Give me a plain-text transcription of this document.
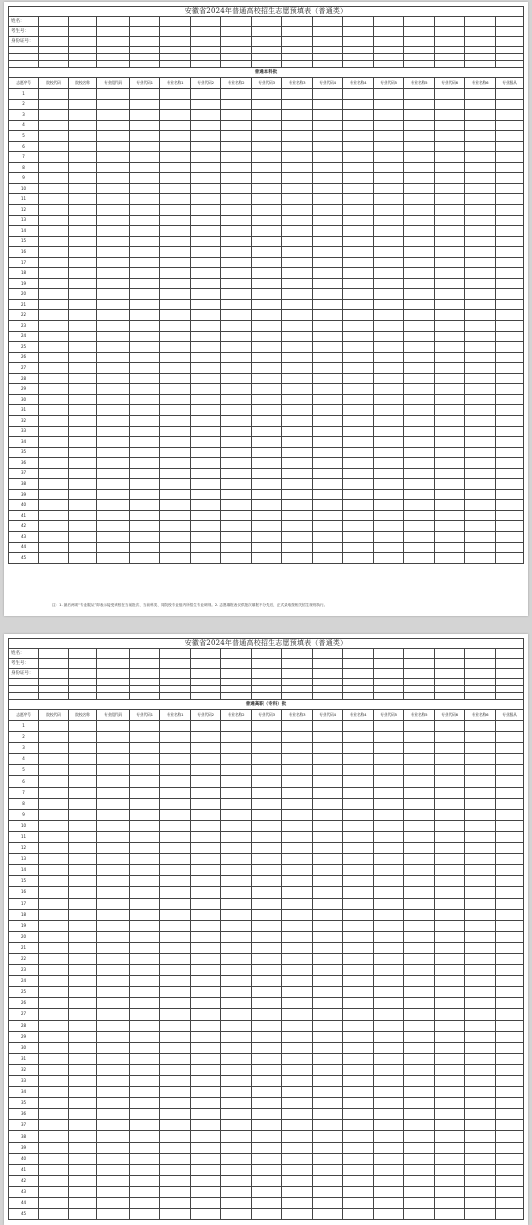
安徽省2024年普通高校招生志愿预填表（普通类）																
姓名：																
考生号：																
身份证号：																

普通本科批																
志愿序号	院校代码	院校名称	专业组代码	专业代码1	专业名称1	专业代码2	专业名称2	专业代码3	专业名称3	专业代码4	专业名称4	专业代码5	专业名称5	专业代码6	专业名称6	专业服从
1																
2																
3																
4																
5																
6																
7																
8																
9																
10																
11																
12																
13																
14																
15																
16																
17																
18																
19																
20																
21																
22																
23																
24																
25																
26																
27																
28																
29																
30																
31																
32																
33																
34																
35																
36																
37																
38																
39																
40																
41																
42																
43																
44																
45																
注：1. 最后两项“专业服从”即表示接受该校在当前批次、当前科类、同院校专业组内所招生专业调剂。2. 志愿填报表仅供批次填报不分先后，正式录取按相关招生规则执行。
安徽省2024年普通高校招生志愿预填表（普通类）																
姓名：																
考生号：																
身份证号：																

普通高职（专科）批																
志愿序号	院校代码	院校名称	专业组代码	专业代码1	专业名称1	专业代码2	专业名称2	专业代码3	专业名称3	专业代码4	专业名称4	专业代码5	专业名称5	专业代码6	专业名称6	专业服从
1																
2																
3																
4																
5																
6																
7																
8																
9																
10																
11																
12																
13																
14																
15																
16																
17																
18																
19																
20																
21																
22																
23																
24																
25																
26																
27																
28																
29																
30																
31																
32																
33																
34																
35																
36																
37																
38																
39																
40																
41																
42																
43																
44																
45																
